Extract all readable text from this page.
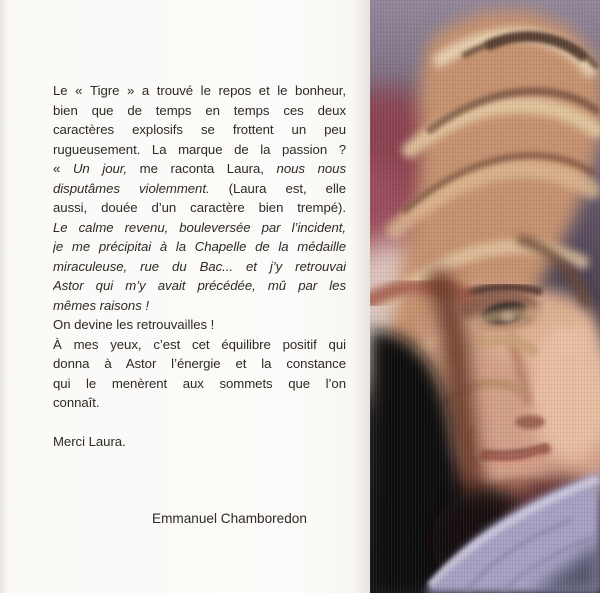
Le « Tigre » a trouvé le repos et le bonheur,
bien que de temps en temps ces deux
caractères explosifs se frottent un peu
rugueusement. La marque de la passion ?
« Un jour, me raconta Laura, nous nous
disputâmes violemment. (Laura est, elle
aussi, douée d’un caractère bien trempé).
Le calme revenu, bouleversée par l’incident,
je me précipitai à la Chapelle de la médaille
miraculeuse, rue du Bac... et j’y retrouvai
Astor qui m’y avait précédée, mû par les
mêmes raisons !
On devine les retrouvailles !
À mes yeux, c’est cet équilibre positif qui
donna à Astor l’énergie et la constance
qui le menèrent aux sommets que l’on
connaît.
Merci Laura.
Emmanuel Chamboredon
